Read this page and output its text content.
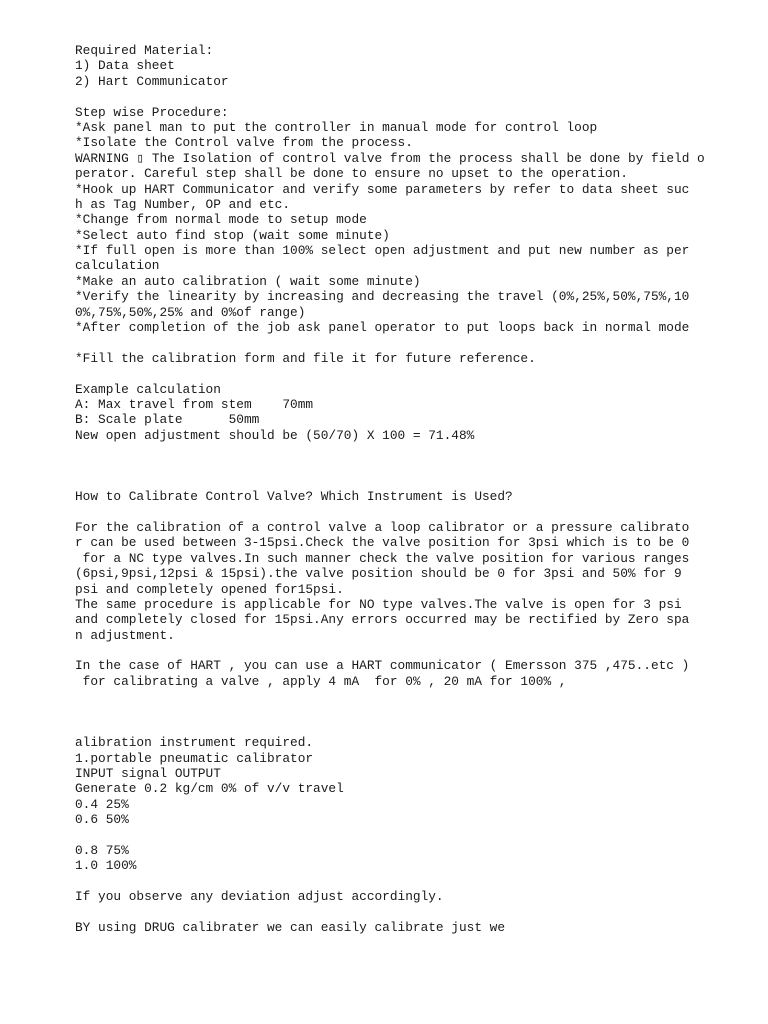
Required Material:
1) Data sheet
2) Hart Communicator
Step wise Procedure:
*Ask panel man to put the controller in manual mode for control loop
*Isolate the Control valve from the process.
WARNING ▯ The Isolation of control valve from the process shall be done by field o
perator. Careful step shall be done to ensure no upset to the operation.
*Hook up HART Communicator and verify some parameters by refer to data sheet suc
h as Tag Number, OP and etc.
*Change from normal mode to setup mode
*Select auto find stop (wait some minute)
*If full open is more than 100% select open adjustment and put new number as per
calculation
*Make an auto calibration ( wait some minute)
*Verify the linearity by increasing and decreasing the travel (0%,25%,50%,75%,10
0%,75%,50%,25% and 0%of range)
*After completion of the job ask panel operator to put loops back in normal mode
*Fill the calibration form and file it for future reference.
Example calculation
A: Max travel from stem    70mm
B: Scale plate      50mm
New open adjustment should be (50/70) X 100 = 71.48%
How to Calibrate Control Valve? Which Instrument is Used?
For the calibration of a control valve a loop calibrator or a pressure calibrato
r can be used between 3-15psi.Check the valve position for 3psi which is to be 0
for a NC type valves.In such manner check the valve position for various ranges
(6psi,9psi,12psi & 15psi).the valve position should be 0 for 3psi and 50% for 9
psi and completely opened for15psi.
The same procedure is applicable for NO type valves.The valve is open for 3 psi
and completely closed for 15psi.Any errors occurred may be rectified by Zero spa
n adjustment.
In the case of HART , you can use a HART communicator ( Emersson 375 ,475..etc )
for calibrating a valve , apply 4 mA  for 0% , 20 mA for 100% ,
alibration instrument required.
1.portable pneumatic calibrator
INPUT signal OUTPUT
Generate 0.2 kg/cm 0% of v/v travel
0.4 25%
0.6 50%
0.8 75%
1.0 100%
If you observe any deviation adjust accordingly.
BY using DRUG calibrater we can easily calibrate just we
